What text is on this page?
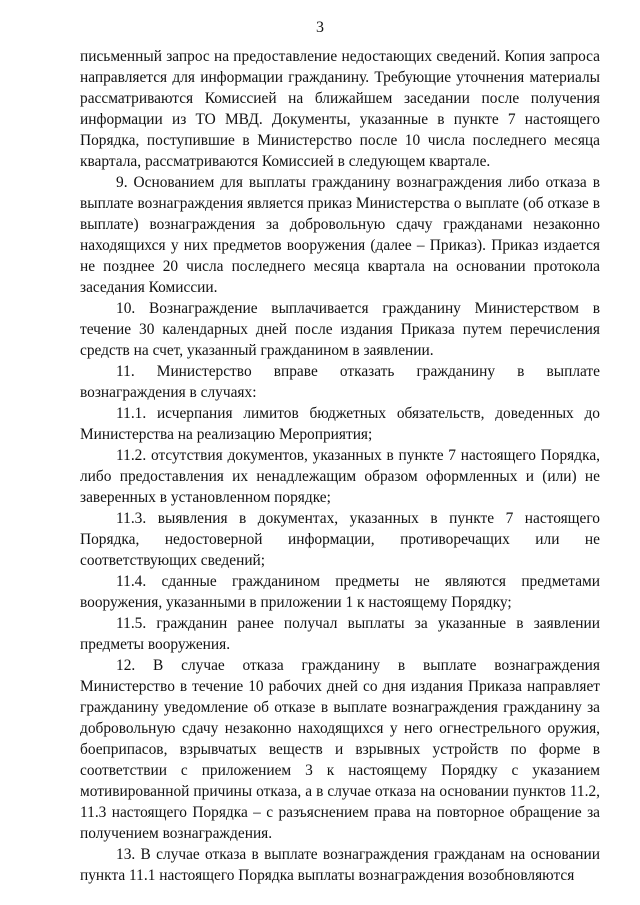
3

письменный запрос на предоставление недостающих сведений. Копия запроса направляется для информации гражданину. Требующие уточнения материалы рассматриваются Комиссией на ближайшем заседании после получения информации из ТО МВД. Документы, указанные в пункте 7 настоящего Порядка, поступившие в Министерство после 10 числа последнего месяца квартала, рассматриваются Комиссией в следующем квартале.

9. Основанием для выплаты гражданину вознаграждения либо отказа в выплате вознаграждения является приказ Министерства о выплате (об отказе в выплате) вознаграждения за добровольную сдачу гражданами незаконно находящихся у них предметов вооружения (далее – Приказ). Приказ издается не позднее 20 числа последнего месяца квартала на основании протокола заседания Комиссии.

10. Вознаграждение выплачивается гражданину Министерством в течение 30 календарных дней после издания Приказа путем перечисления средств на счет, указанный гражданином в заявлении.

11. Министерство вправе отказать гражданину в выплате вознаграждения в случаях:

11.1. исчерпания лимитов бюджетных обязательств, доведенных до Министерства на реализацию Мероприятия;

11.2. отсутствия документов, указанных в пункте 7 настоящего Порядка, либо предоставления их ненадлежащим образом оформленных и (или) не заверенных в установленном порядке;

11.3. выявления в документах, указанных в пункте 7 настоящего Порядка, недостоверной информации, противоречащих или не соответствующих сведений;

11.4. сданные гражданином предметы не являются предметами вооружения, указанными в приложении 1 к настоящему Порядку;

11.5. гражданин ранее получал выплаты за указанные в заявлении предметы вооружения.

12. В случае отказа гражданину в выплате вознаграждения Министерство в течение 10 рабочих дней со дня издания Приказа направляет гражданину уведомление об отказе в выплате вознаграждения гражданину за добровольную сдачу незаконно находящихся у него огнестрельного оружия, боеприпасов, взрывчатых веществ и взрывных устройств по форме в соответствии с приложением 3 к настоящему Порядку с указанием мотивированной причины отказа, а в случае отказа на основании пунктов 11.2, 11.3 настоящего Порядка – с разъяснением права на повторное обращение за получением вознаграждения.

13. В случае отказа в выплате вознаграждения гражданам на основании пункта 11.1 настоящего Порядка выплаты вознаграждения возобновляются
